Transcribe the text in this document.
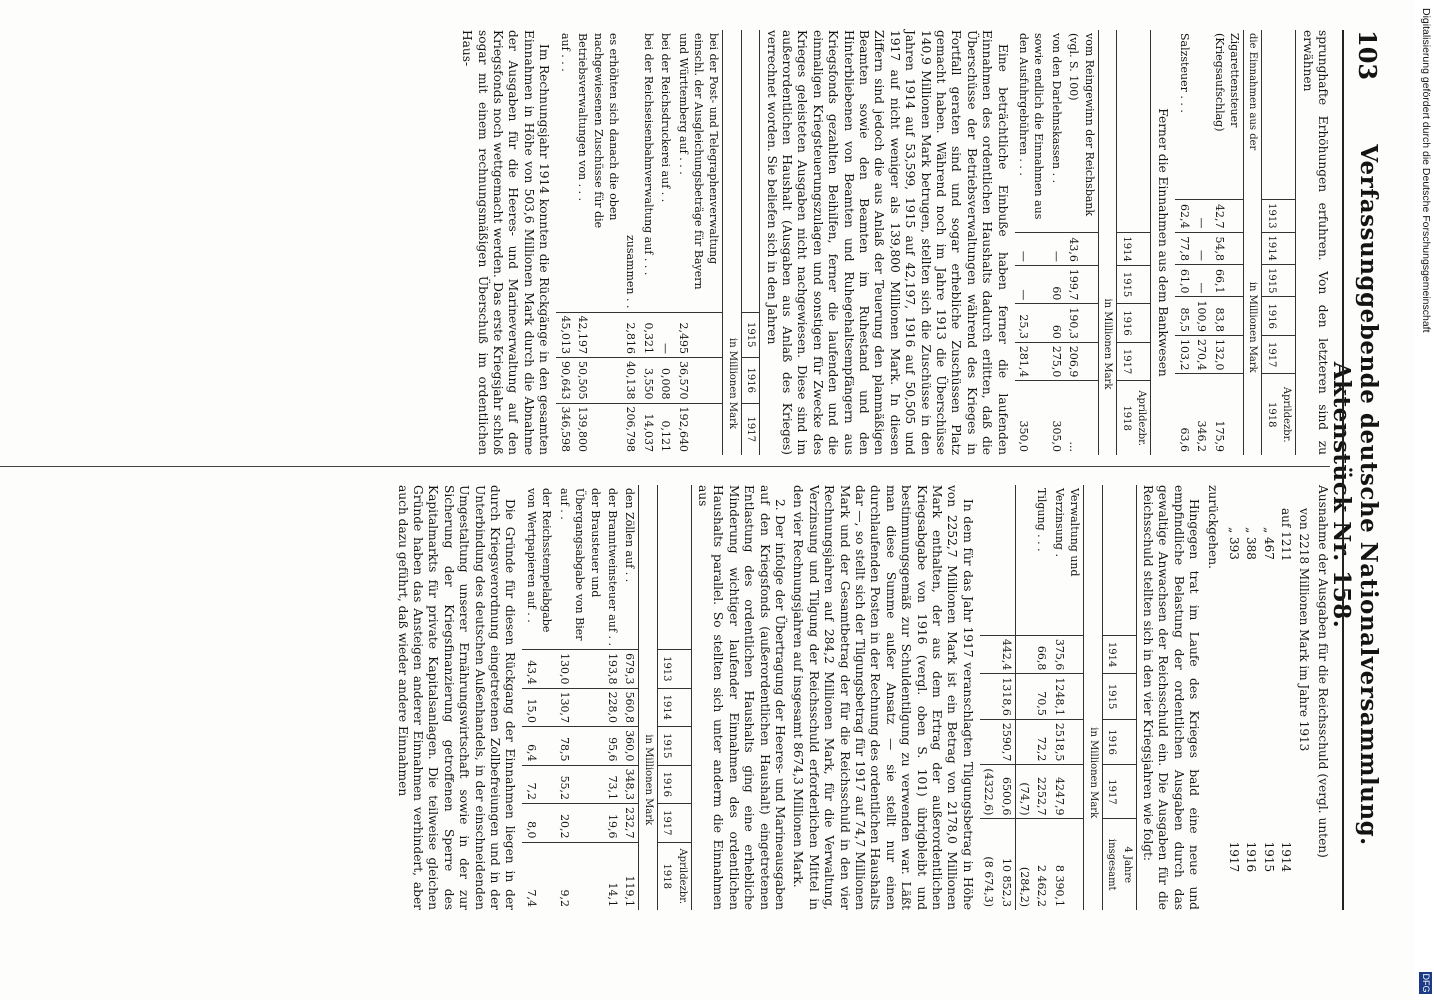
Digitalisierung gefördert durch die Deutsche Forschungsgemeinschaft
DFG
103
Verfassunggebende deutsche Nationalversammlung. Aktenstück Nr. 158.

sprunghafte Erhöhungen erfuhren. Von den letzteren sind zu erwähnen

	1913	1914	1915	1916	1917	Aprildezbr. 1918
die Einnahmen aus der	in Millionen Mark					
Zigarettensteuer (Kriegsaufschlag)	42,7	54,8	66,1	83,8	132,0	175,9
	—	—	—	100,9	270,4	346,2
Salzsteuer . . .	62,4	77,8	61,0	85,5	103,2	63,6

Ferner die Einnahmen aus dem Bankwesen

	1914	1915	1916	1917	Aprildezbr. 1918
	in Millionen Mark				
vom Reingewinn der Reichsbank (vgl. S. 100)	43,6	199,7	190,3	206,9	...
von den Darlehnskassen . .	—	60	60	275,0	305,0
sowie endlich die Einnahmen aus den Ausfuhrgebühren . . .	—	—	25,3	281,4	350,0

Eine beträchtliche Einbuße haben ferner die laufenden Einnahmen des ordentlichen Haushalts dadurch erlitten, daß die Überschüsse der Betriebsverwaltungen während des Krieges in Fortfall geraten sind und sogar erhebliche Zuschüssen Platz gemacht haben. Während noch im Jahre 1913 die Überschüsse 140,9 Millionen Mark betrugen, stellten sich die Zuschüsse in den Jahren 1914 auf 53,599, 1915 auf 42,197, 1916 auf 50,505 und 1917 auf nicht weniger als 139,800 Millionen Mark. In diesen Ziffern sind jedoch die aus Anlaß der Teuerung den planmäßigen Beamten sowie den Beamten im Ruhestand und den Hinterbliebenen von Beamten und Ruhegehaltsempfängern aus Kriegsfonds gezahlten Beihilfen, ferner die laufenden und die einmaligen Kriegsteuerungszulagen und sonstigen für Zwecke des Krieges geleisteten Ausgaben nicht nachgewiesen. Diese sind im außerordentlichen Haushalt (Ausgaben aus Anlaß des Krieges) verrechnet worden. Sie beliefen sich in den Jahren

	1915	1916	1917
	in Millionen Mark		
bei der Post- und Telegraphenverwaltung einschl. der Ausgleichungsbeträge für Bayern und Württemberg auf . . .	2,495	36,570	192,640
bei der Reichsdruckerei auf . .	—	0,008	0,121
bei der Reichseisenbahnverwaltung auf . . .	0,321	3,550	14,037
zusammen . .	2,816	40,138	206,798
es erhöhten sich danach die oben nachgewiesenen Zuschüsse für die Betriebsverwaltungen von . . .	42,197	50,505	139,800
auf . . .	45,013	90,643	346,598

Im Rechnungsjahr 1914 konnten die Rückgänge in den gesamten Einnahmen in Höhe von 503,6 Millionen Mark durch die Abnahme der Ausgaben für die Heeres- und Marineverwaltung auf den Kriegsfonds noch wettgemacht werden. Das erste Kriegsjahr schloß sogar mit einem rechnungsmäßigen Überschuß im ordentlichen Haus-

Ausnahme der Ausgaben für die Reichsschuld (vergl. unten)

von 2218 Millionen Mark im Jahre 1913	
auf 1211	1914
„ 467	1915
„ 388	1916
„ 393	1917

zurückgehen.

Hingegen trat im Laufe des Krieges bald eine neue und empfindliche Belastung der ordentlichen Ausgaben durch das gewaltige Anwachsen der Reichsschuld ein. Die Ausgaben für die Reichsschuld stellten sich in den vier Kriegsjahren wie folgt:

	1914	1915	1916	1917	4 Jahre insgesamt
	in Millionen Mark				
Verwaltung und Verzinsung .	375,6	1248,1	2518,5	4247,9	8 390,1
Tilgung . . .	66,8	70,5	72,2	2252,7	2 462,2
				(74,7)	(284,2)
	442,4	1318,6	2590,7	6500,6	10 852,3
				(4322,6)	(8 674,3)

In dem für das Jahr 1917 veranschlagten Tilgungsbetrag in Höhe von 2252,7 Millionen Mark ist ein Betrag von 2178,0 Millionen Mark enthalten, der aus dem Ertrag der außerordentlichen Kriegsabgabe von 1916 (vergl. oben S. 101) übrigbleibt und bestimmungsgemäß zur Schuldentilgung zu verwenden war. Läßt man diese Summe außer Ansatz — sie stellt nur einen durchlaufenden Posten in der Rechnung des ordentlichen Haushalts dar —, so stellt sich der Tilgungsbetrag für 1917 auf 74,7 Millionen Mark und der Gesamtbetrag der für die Reichsschuld in den vier Rechnungsjahren auf 284,2 Millionen Mark, für die Verwaltung, Verzinsung und Tilgung der Reichsschuld erforderlichen Mittel in den vier Rechnungsjahren auf insgesamt 8674,3 Millionen Mark.

2. Der infolge der Übertragung der Heeres- und Marineausgaben auf den Kriegsfonds (außerordentlichen Haushalt) eingetretenen Entlastung des ordentlichen Haushalts ging eine erhebliche Minderung wichtiger laufender Einnahmen des ordentlichen Haushalts parallel. So stellten sich unter anderm die Einnahmen aus

	1913	1914	1915	1916	1917	Aprildezbr. 1918
	in Millionen Mark					
den Zöllen auf . .	679,3	560,8	360,0	348,3	232,7	119,1
der Branntweinsteuer auf . .	193,8	228,0	95,6	73,1	19,6	14,1
der Brausteuer und Übergangsabgabe von Bier auf . .	130,0	130,7	78,5	55,2	20,2	9,2
der Reichsstempelabgabe von Wertpapieren auf . .	43,4	15,0	6,4	7,2	8,0	7,4

Die Gründe für diesen Rückgang der Einnahmen liegen in der durch Kriegsverordnung eingetretenen Zollbefreiungen und in der Unterbindung des deutschen Außenhandels, in der einschneidenden Umgestaltung unserer Ernährungswirtschaft sowie in der zur Sicherung der Kriegsfinanzierung getroffenen Sperre des Kapitalmarkts für private Kapitalsanlagen. Die teilweise gleichen Gründe haben das Ansteigen anderer Einnahmen verhindert, aber auch dazu geführt, daß wieder andere Einnahmen
